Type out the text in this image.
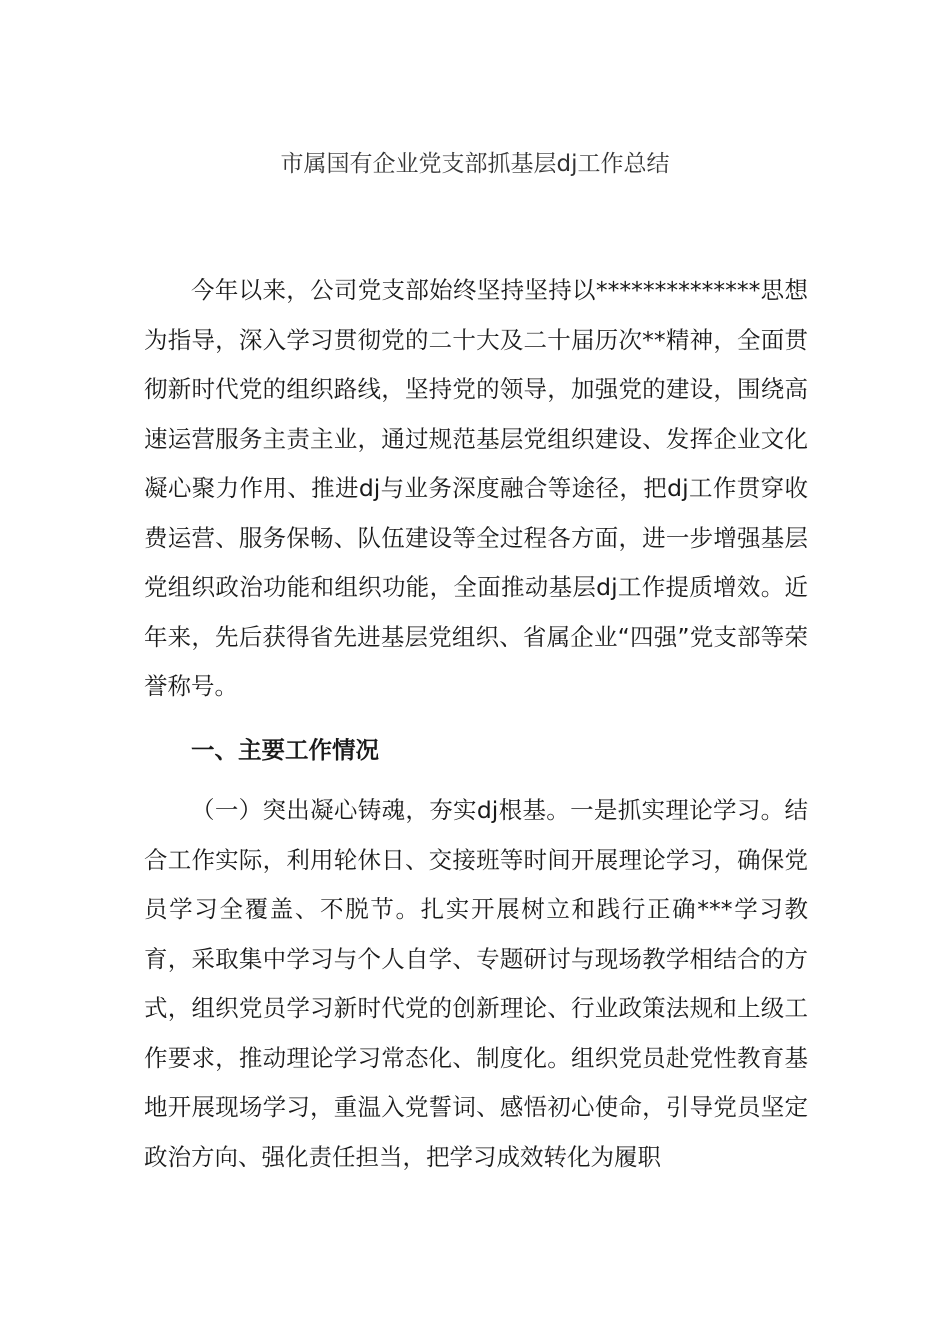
市属国有企业党支部抓基层dj工作总结

今年以来，公司党支部始终坚持坚持以**************思想为指导，深入学习贯彻党的二十大及二十届历次**精神，全面贯彻新时代党的组织路线，坚持党的领导，加强党的建设，围绕高速运营服务主责主业，通过规范基层党组织建设、发挥企业文化凝心聚力作用、推进dj与业务深度融合等途径，把dj工作贯穿收费运营、服务保畅、队伍建设等全过程各方面，进一步增强基层党组织政治功能和组织功能，全面推动基层dj工作提质增效。近年来，先后获得省先进基层党组织、省属企业“四强”党支部等荣誉称号。

一、主要工作情况

（一）突出凝心铸魂，夯实dj根基。一是抓实理论学习。结合工作实际，利用轮休日、交接班等时间开展理论学习，确保党员学习全覆盖、不脱节。扎实开展树立和践行正确***学习教育，采取集中学习与个人自学、专题研讨与现场教学相结合的方式，组织党员学习新时代党的创新理论、行业政策法规和上级工作要求，推动理论学习常态化、制度化。组织党员赴党性教育基地开展现场学习，重温入党誓词、感悟初心使命，引导党员坚定政治方向、强化责任担当，把学习成效转化为履职
